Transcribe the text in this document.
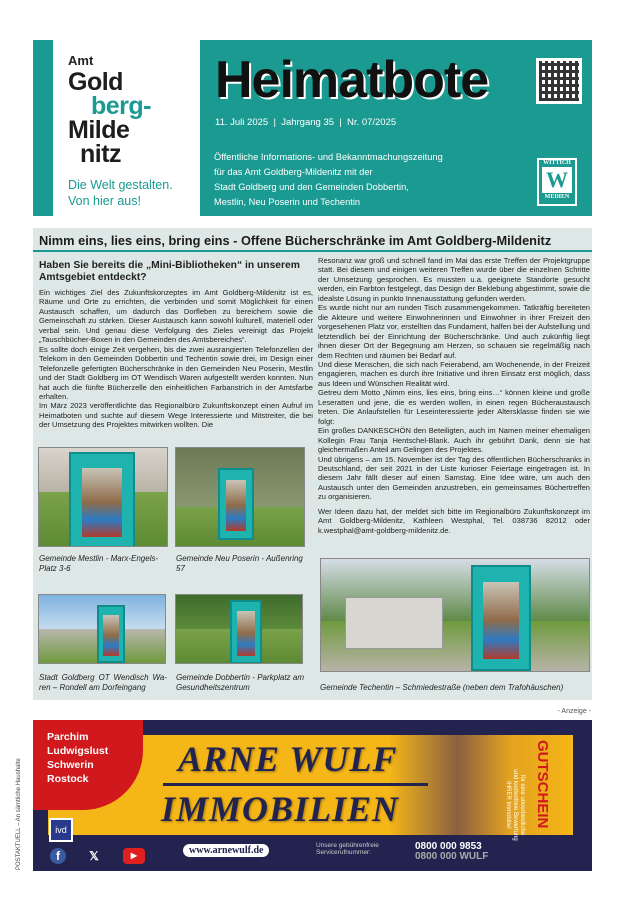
Amt
Gold
berg-
Milde
nitz
Die Welt gestalten.
Von hier aus!
Heimatbote
11. Juli 2025  |  Jahrgang 35  |  Nr. 07/2025
Öffentliche Informations- und Bekanntmachungszeitung
für das Amt Goldberg-Mildenitz mit der
Stadt Goldberg und den Gemeinden Dobbertin,
Mestlin, Neu Poserin und Techentin
WITTICH
W
MEDIEN
Nimm eins, lies eins, bring eins - Offene Bücherschränke im Amt Goldberg-Mildenitz
Haben Sie bereits die „Mini-Bibliotheken“ in unserem Amtsgebiet entdeckt?

Ein wichtiges Ziel des Zukunftskonzeptes im Amt Goldberg-Mildenitz ist es, Räume und Orte zu errichten, die verbinden und somit Möglichkeit für einen Austausch schaffen, um dadurch das Dorfleben zu bereichern sowie die Gemeinschaft zu stärken. Dieser Austausch kann sowohl kulturell, materiell oder verbal sein. Und genau diese Verfolgung des Zieles vereinigt das Projekt „Tauschbücher-Boxen in den Gemeinden des Amtsbereiches“.

Es sollte doch einige Zeit vergehen, bis die zwei ausrangierten Telefonzellen der Telekom in den Gemeinden Dobbertin und Techentin sowie drei, im Design einer Telefonzelle gefertigten Bücherschränke in den Gemeinden Neu Poserin, Mestlin und der Stadt Goldberg im OT Wendisch Waren aufgestellt werden konnten. Nun hat auch die fünfte Bücherzelle den einheitlichen Farbanstrich in der Amtsfarbe erhalten.

Im März 2023 veröffentlichte das Regionalbüro Zukunftskonzept einen Aufruf im Heimatboten und suchte auf diesem Wege Interessierte und Mitstreiter, die bei der Umsetzung des Projektes mitwirken wollten. Die

Resonanz war groß und schnell fand im Mai das erste Treffen der Projektgruppe statt. Bei diesem und einigen weiteren Treffen wurde über die einzelnen Schritte der Umsetzung gesprochen. Es mussten u.a. geeignete Standorte gesucht werden, ein Farbton festgelegt, das Design der Beklebung abgestimmt, sowie die idealste Lösung in punkto Innenausstattung gefunden werden.

Es wurde nicht nur am runden Tisch zusammengekommen. Tatkräftig bereiteten die Akteure und weitere Einwohnerinnen und Einwohner in ihrer Freizeit den vorgesehenen Platz vor, erstellten das Fundament, halfen bei der Aufstellung und letztendlich bei der Einrichtung der Bücherschränke. Und auch zukünftig liegt ihnen dieser Ort der Begegnung am Herzen, so schauen sie regelmäßig nach dem Rechten und räumen bei Bedarf auf.

Und diese Menschen, die sich nach Feierabend, am Wochenende, in der Freizeit engagieren, machen es durch ihre Initiative und ihren Einsatz erst möglich, dass aus Ideen und Wünschen Realität wird.

Getreu dem Motto „Nimm eins, lies eins, bring eins…“ können kleine und große Leseratten und jene, die es werden wollen, in einen regen Bücheraustausch treten. Die Anlaufstellen für Leseinteressierte jeder Altersklasse finden sie wie folgt:

Ein großes DANKESCHÖN den Beteiligten, auch im Namen meiner ehemaligen Kollegin Frau Tanja Hentschel-Blank. Auch ihr gebührt Dank, denn sie hat gleichermaßen Anteil am Gelingen des Projektes.

Und übrigens – am 15. November ist der Tag des öffentlichen Bücherschranks in Deutschland, der seit 2021 in der Liste kurioser Feiertage eingetragen ist. In diesem Jahr fällt dieser auf einen Samstag. Eine Idee wäre, um auch den Austausch unter den Gemeinden anzustreben, ein gemeinsames Büchertreffen zu organisieren.

Wer Ideen dazu hat, der meldet sich bitte im Regionalbüro Zukunftskonzept im Amt Goldberg-Mildenitz, Kathleen Westphal, Tel. 038736 82012 oder k.westphal@amt-goldberg-mildenitz.de.

Gemeinde Mestlin - Marx-Engels-Platz 3-6
Gemeinde Neu Poserin - Außenring 57
Stadt Goldberg OT Wendisch Waren – Rondell am Dorfeingang
Gemeinde Dobbertin - Parkplatz am Gesundheitszentrum	Gemeinde Techentin – Schmiedestraße (neben dem Trafohäuschen)
- Anzeige -
POSTAKTUELL – An sämtliche Haushalte
Parchim
Ludwigslust
Schwerin
Rostock	ARNE WULF
IMMOBILIEN
www.arnewulf.de
ivd
f	𝕏	▶
Unsere gebührenfreie
Servicerufnummer:
0800 000 9853
0800 000 WULF
GUTSCHEIN
für eine unverbindliche
und kostenfreie Bewertung
IHRER Immobilie!
